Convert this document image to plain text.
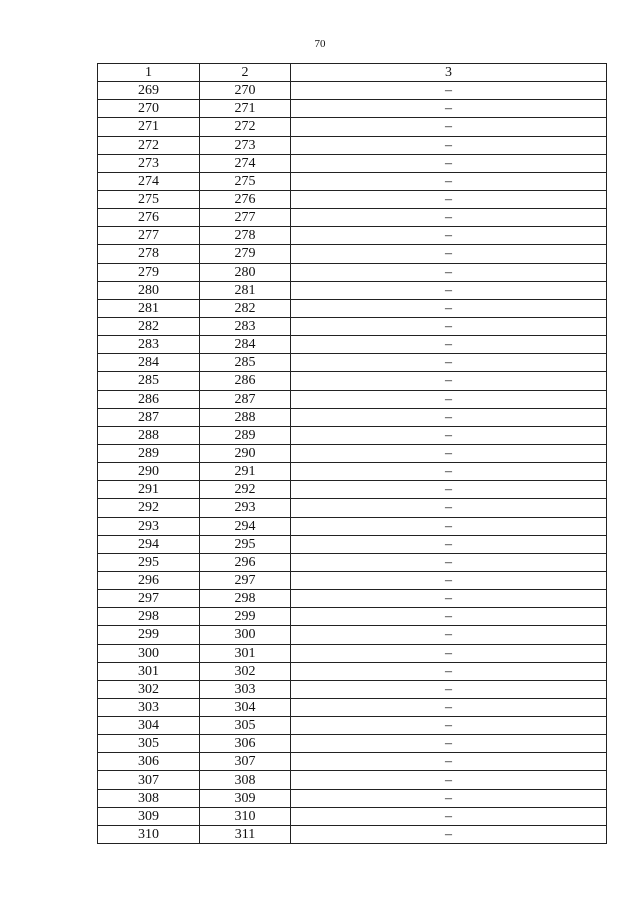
70
1	2	3
269	270	–
270	271	–
271	272	–
272	273	–
273	274	–
274	275	–
275	276	–
276	277	–
277	278	–
278	279	–
279	280	–
280	281	–
281	282	–
282	283	–
283	284	–
284	285	–
285	286	–
286	287	–
287	288	–
288	289	–
289	290	–
290	291	–
291	292	–
292	293	–
293	294	–
294	295	–
295	296	–
296	297	–
297	298	–
298	299	–
299	300	–
300	301	–
301	302	–
302	303	–
303	304	–
304	305	–
305	306	–
306	307	–
307	308	–
308	309	–
309	310	–
310	311	–
